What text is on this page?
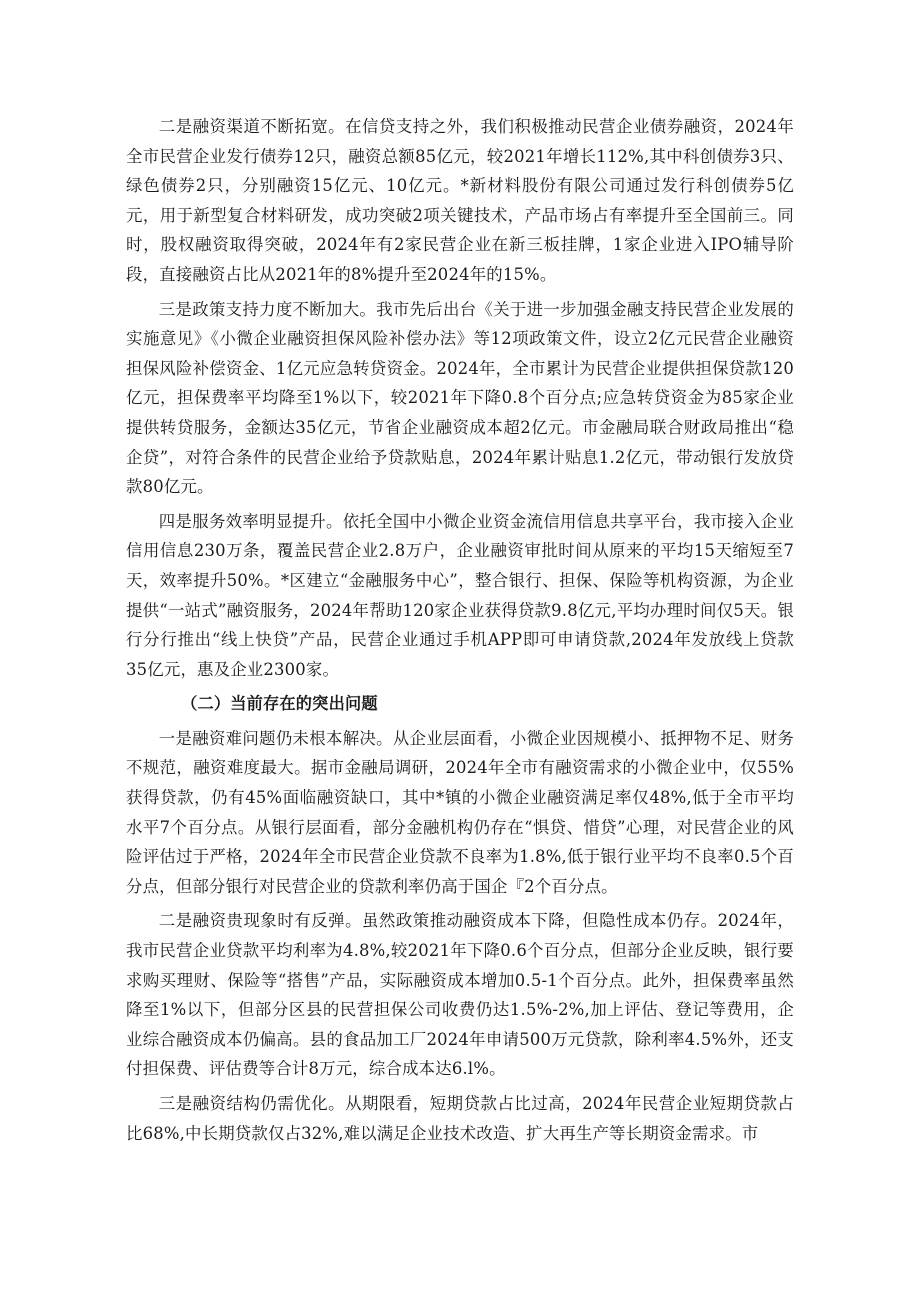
二是融资渠道不断拓宽。在信贷支持之外，我们积极推动民营企业债券融资，2024年全市民营企业发行债券12只，融资总额85亿元，较2021年增长112%,其中科创债券3只、绿色债券2只，分别融资15亿元、10亿元。*新材料股份有限公司通过发行科创债券5亿元，用于新型复合材料研发，成功突破2项关键技术，产品市场占有率提升至全国前三。同时，股权融资取得突破，2024年有2家民营企业在新三板挂牌，1家企业进入IPO辅导阶段，直接融资占比从2021年的8%提升至2024年的15%。

三是政策支持力度不断加大。我市先后出台《关于进一步加强金融支持民营企业发展的实施意见》《小微企业融资担保风险补偿办法》等12项政策文件，设立2亿元民营企业融资担保风险补偿资金、1亿元应急转贷资金。2024年，全市累计为民营企业提供担保贷款120亿元，担保费率平均降至1%以下，较2021年下降0.8个百分点;应急转贷资金为85家企业提供转贷服务，金额达35亿元，节省企业融资成本超2亿元。市金融局联合财政局推出“稳企贷”，对符合条件的民营企业给予贷款贴息，2024年累计贴息1.2亿元，带动银行发放贷款80亿元。

四是服务效率明显提升。依托全国中小微企业资金流信用信息共享平台，我市接入企业信用信息230万条，覆盖民营企业2.8万户，企业融资审批时间从原来的平均15天缩短至7天，效率提升50%。*区建立“金融服务中心”，整合银行、担保、保险等机构资源，为企业提供“一站式”融资服务，2024年帮助120家企业获得贷款9.8亿元,平均办理时间仅5天。银行分行推出“线上快贷”产品，民营企业通过手机APP即可申请贷款,2024年发放线上贷款35亿元，惠及企业2300家。

（二）当前存在的突出问题

一是融资难问题仍未根本解决。从企业层面看，小微企业因规模小、抵押物不足、财务不规范，融资难度最大。据市金融局调研，2024年全市有融资需求的小微企业中，仅55%获得贷款，仍有45%面临融资缺口，其中*镇的小微企业融资满足率仅48%,低于全市平均水平7个百分点。从银行层面看，部分金融机构仍存在“惧贷、惜贷”心理，对民营企业的风险评估过于严格，2024年全市民营企业贷款不良率为1.8%,低于银行业平均不良率0.5个百分点，但部分银行对民营企业的贷款利率仍高于国企『2个百分点。

二是融资贵现象时有反弹。虽然政策推动融资成本下降，但隐性成本仍存。2024年，我市民营企业贷款平均利率为4.8%,较2021年下降0.6个百分点，但部分企业反映，银行要求购买理财、保险等“搭售”产品，实际融资成本增加0.5-1个百分点。此外，担保费率虽然降至1%以下，但部分区县的民营担保公司收费仍达1.5%-2%,加上评估、登记等费用，企业综合融资成本仍偏高。县的食品加工厂2024年申请500万元贷款，除利率4.5%外，还支付担保费、评估费等合计8万元，综合成本达6.l%。

三是融资结构仍需优化。从期限看，短期贷款占比过高，2024年民营企业短期贷款占比68%,中长期贷款仅占32%,难以满足企业技术改造、扩大再生产等长期资金需求。市
